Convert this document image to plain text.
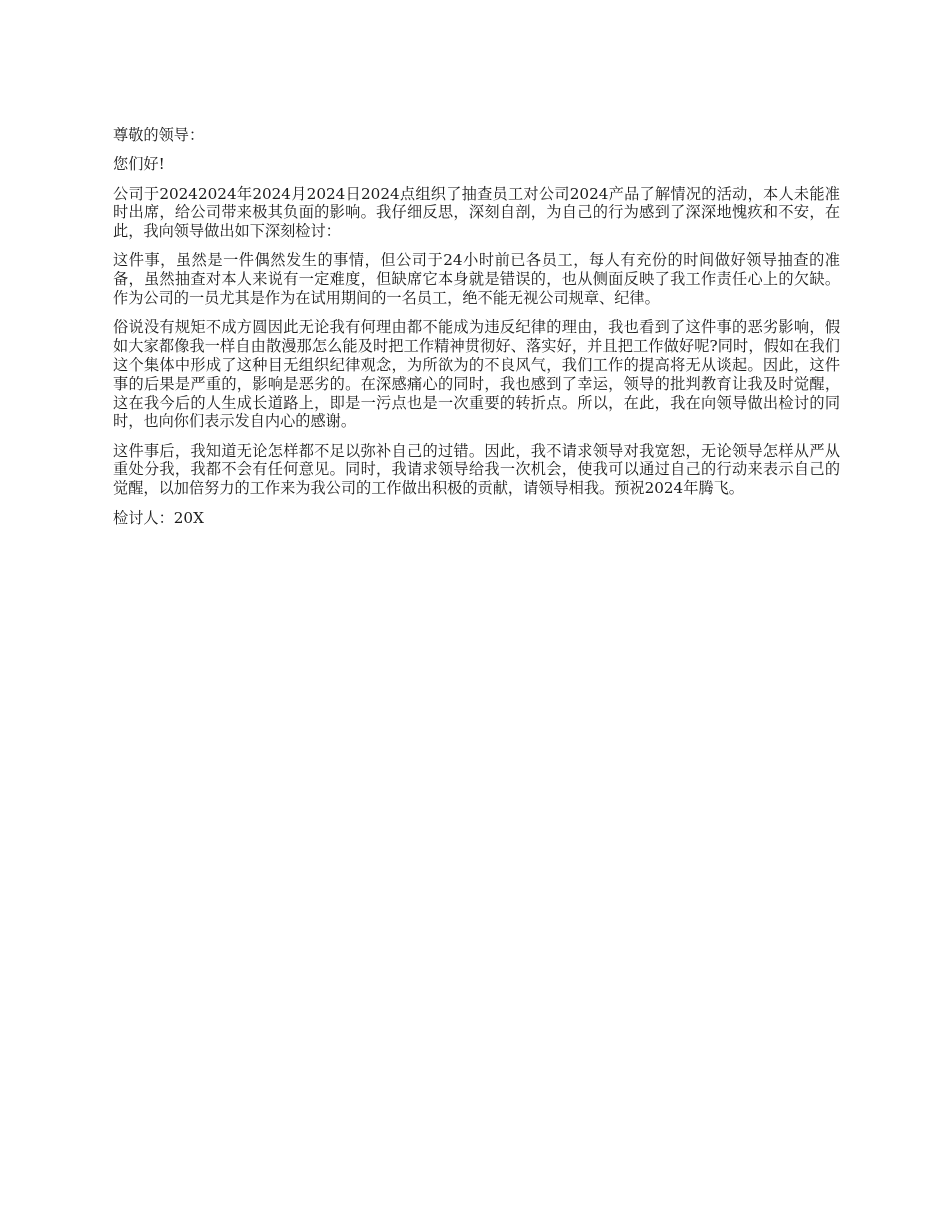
尊敬的领导：

您们好!

公司于20242024年2024月2024日2024点组织了抽查员工对公司2024产品了解情况的活动，本人未能准时出席，给公司带来极其负面的影响。我仔细反思，深刻自剖，为自己的行为感到了深深地愧疚和不安，在此，我向领导做出如下深刻检讨：

这件事，虽然是一件偶然发生的事情，但公司于24小时前已各员工，每人有充份的时间做好领导抽查的准备，虽然抽查对本人来说有一定难度，但缺席它本身就是错误的，也从侧面反映了我工作责任心上的欠缺。作为公司的一员尤其是作为在试用期间的一名员工，绝不能无视公司规章、纪律。

俗说没有规矩不成方圆因此无论我有何理由都不能成为违反纪律的理由，我也看到了这件事的恶劣影响，假如大家都像我一样自由散漫那怎么能及时把工作精神贯彻好、落实好，并且把工作做好呢?同时，假如在我们这个集体中形成了这种目无组织纪律观念，为所欲为的不良风气，我们工作的提高将无从谈起。因此，这件事的后果是严重的，影响是恶劣的。在深感痛心的同时，我也感到了幸运，领导的批判教育让我及时觉醒，这在我今后的人生成长道路上，即是一污点也是一次重要的转折点。所以，在此，我在向领导做出检讨的同时，也向你们表示发自内心的感谢。

这件事后，我知道无论怎样都不足以弥补自己的过错。因此，我不请求领导对我宽恕，无论领导怎样从严从重处分我，我都不会有任何意见。同时，我请求领导给我一次机会，使我可以通过自己的行动来表示自己的觉醒，以加倍努力的工作来为我公司的工作做出积极的贡献，请领导相我。预祝2024年腾飞。

检讨人：20X
